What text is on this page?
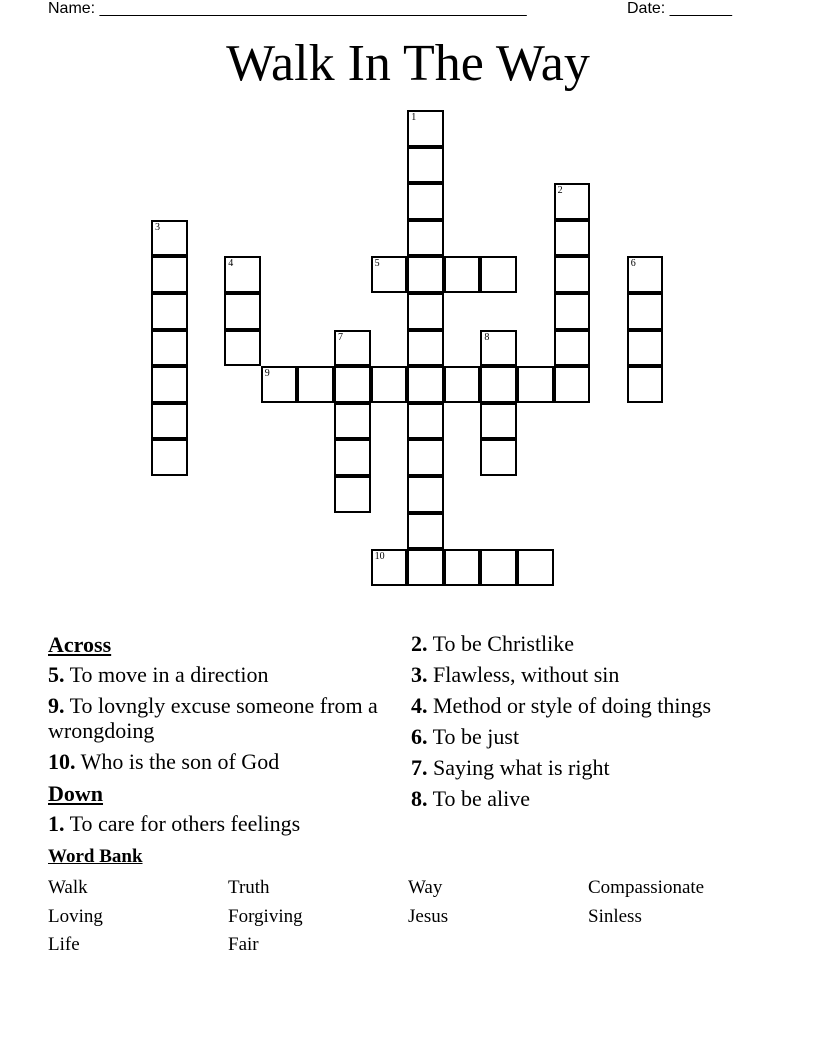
Name: ________________________________________________	Date: _______
Walk In The Way
1
2
3
4	5	6
7	8
9
10
Across
5. To move in a direction
9. To lovngly excuse someone from a wrongdoing
10. Who is the son of God
Down
1. To care for others feelings
2. To be Christlike
3. Flawless, without sin
4. Method or style of doing things
6. To be just
7. Saying what is right
8. To be alive
Word Bank
Walk	Truth	Way	Compassionate
Loving	Forgiving	Jesus	Sinless
Life	Fair
